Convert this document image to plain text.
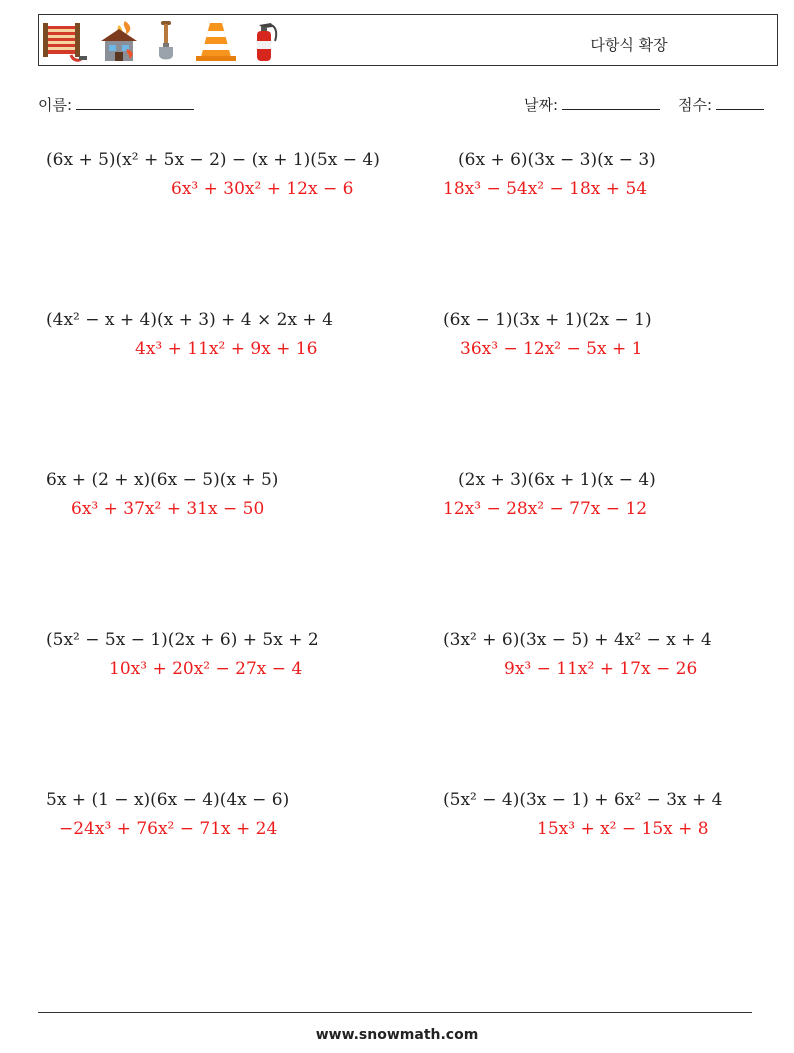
다항식 확장
이름:	날짜:	점수:
(6x + 5)(x² + 5x − 2) − (x + 1)(5x − 4)
6x³ + 30x² + 12x − 6
(4x² − x + 4)(x + 3) + 4 × 2x + 4
4x³ + 11x² + 9x + 16
6x + (2 + x)(6x − 5)(x + 5)
6x³ + 37x² + 31x − 50
(5x² − 5x − 1)(2x + 6) + 5x + 2
10x³ + 20x² − 27x − 4
5x + (1 − x)(6x − 4)(4x − 6)
−24x³ + 76x² − 71x + 24
(6x + 6)(3x − 3)(x − 3)
18x³ − 54x² − 18x + 54
(6x − 1)(3x + 1)(2x − 1)
36x³ − 12x² − 5x + 1
(2x + 3)(6x + 1)(x − 4)
12x³ − 28x² − 77x − 12
(3x² + 6)(3x − 5) + 4x² − x + 4
9x³ − 11x² + 17x − 26
(5x² − 4)(3x − 1) + 6x² − 3x + 4
15x³ + x² − 15x + 8
www.snowmath.com
